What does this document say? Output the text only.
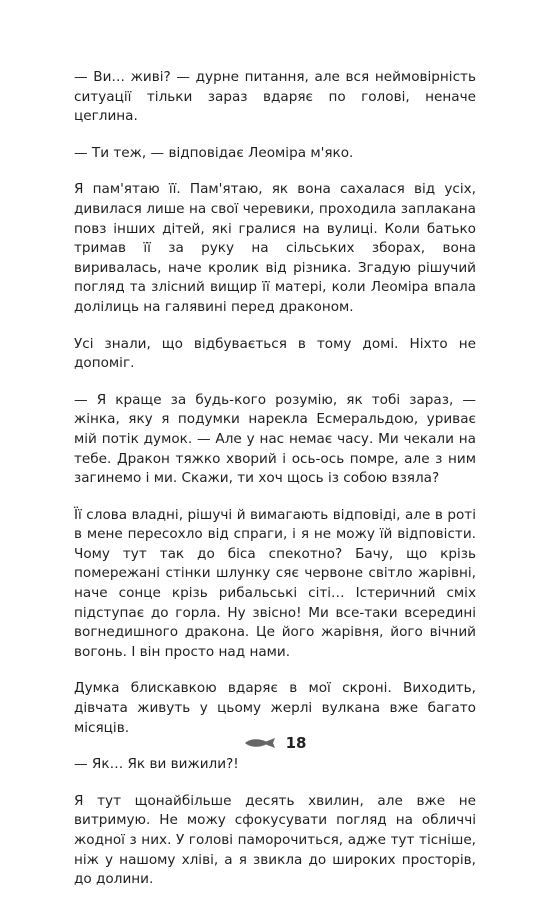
— Ви… живі? — дурне питання, але вся неймовірність ситуації тільки зараз вдаряє по голові, неначе цеглина.

— Ти теж, — відповідає Леоміра м'яко.

Я пам'ятаю її. Пам'ятаю, як вона сахалася від усіх, дивилася лише на свої черевики, проходила заплакана повз інших дітей, які гралися на вулиці. Коли батько тримав її за руку на сільських зборах, вона виривалась, наче кролик від різника. Згадую рішучий погляд та злісний вищир її матері, коли Леоміра впала долілиць на галявині перед драконом.

Усі знали, що відбувається в тому домі. Ніхто не допоміг.

— Я краще за будь-кого розумію, як тобі зараз, — жінка, яку я подумки нарекла Есмеральдою, уриває мій потік думок. — Але у нас немає часу. Ми чекали на тебе. Дракон тяжко хворий і ось-ось помре, але з ним загинемо і ми. Скажи, ти хоч щось із собою взяла?

Її слова владні, рішучі й вимагають відповіді, але в роті в мене пересохло від спраги, і я не можу їй відповісти. Чому тут так до біса спекотно? Бачу, що крізь помережані стінки шлунку сяє червоне світло жарівні, наче сонце крізь рибальські сіті… Істеричний сміх підступає до горла. Ну звісно! Ми все-таки всередині вогнедишного дракона. Це його жарівня, його вічний вогонь. І він просто над нами.

Думка блискавкою вдаряє в мої скроні. Виходить, дівчата живуть у цьому жерлі вулкана вже багато місяців.

— Як… Як ви вижили?!

Я тут щонайбільше десять хвилин, але вже не витримую. Не можу сфокусувати погляд на обличчі жодної з них. У голові паморочиться, адже тут тісніше, ніж у нашому хліві, а я звикла до широких просторів, до долини.

18
